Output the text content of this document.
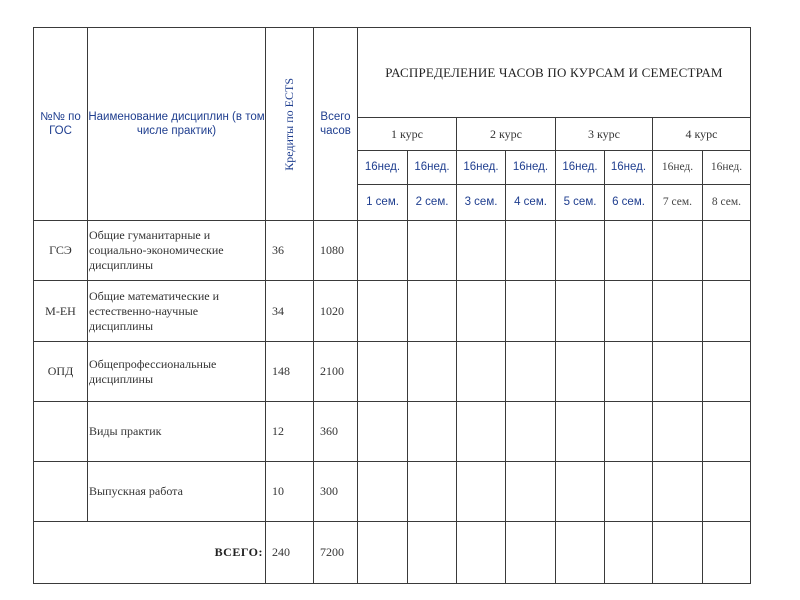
№№ по ГОС	Наименование дисциплин (в том числе практик)	Кредиты по ECTS	Всего часов	РАСПРЕДЕЛЕНИЕ ЧАСОВ ПО КУРСАМ И СЕМЕСТРАМ							
				1 курс		2 курс		3 курс		4 курс	
				16нед.	16нед.	16нед.	16нед.	16нед.	16нед.	16нед.	16нед.
				1 сем.	2 сем.	3 сем.	4 сем.	5 сем.	6 сем.	7 сем.	8 сем.
ГСЭ	Общие гуманитарные и социально-экономические дисциплины	36	1080								
М-ЕН	Общие математические и естественно-научные дисциплины	34	1020								
ОПД	Общепрофессиональные дисциплины	148	2100								
	Виды практик	12	360								
	Выпускная работа	10	300								
	ВСЕГО:	240	7200								
